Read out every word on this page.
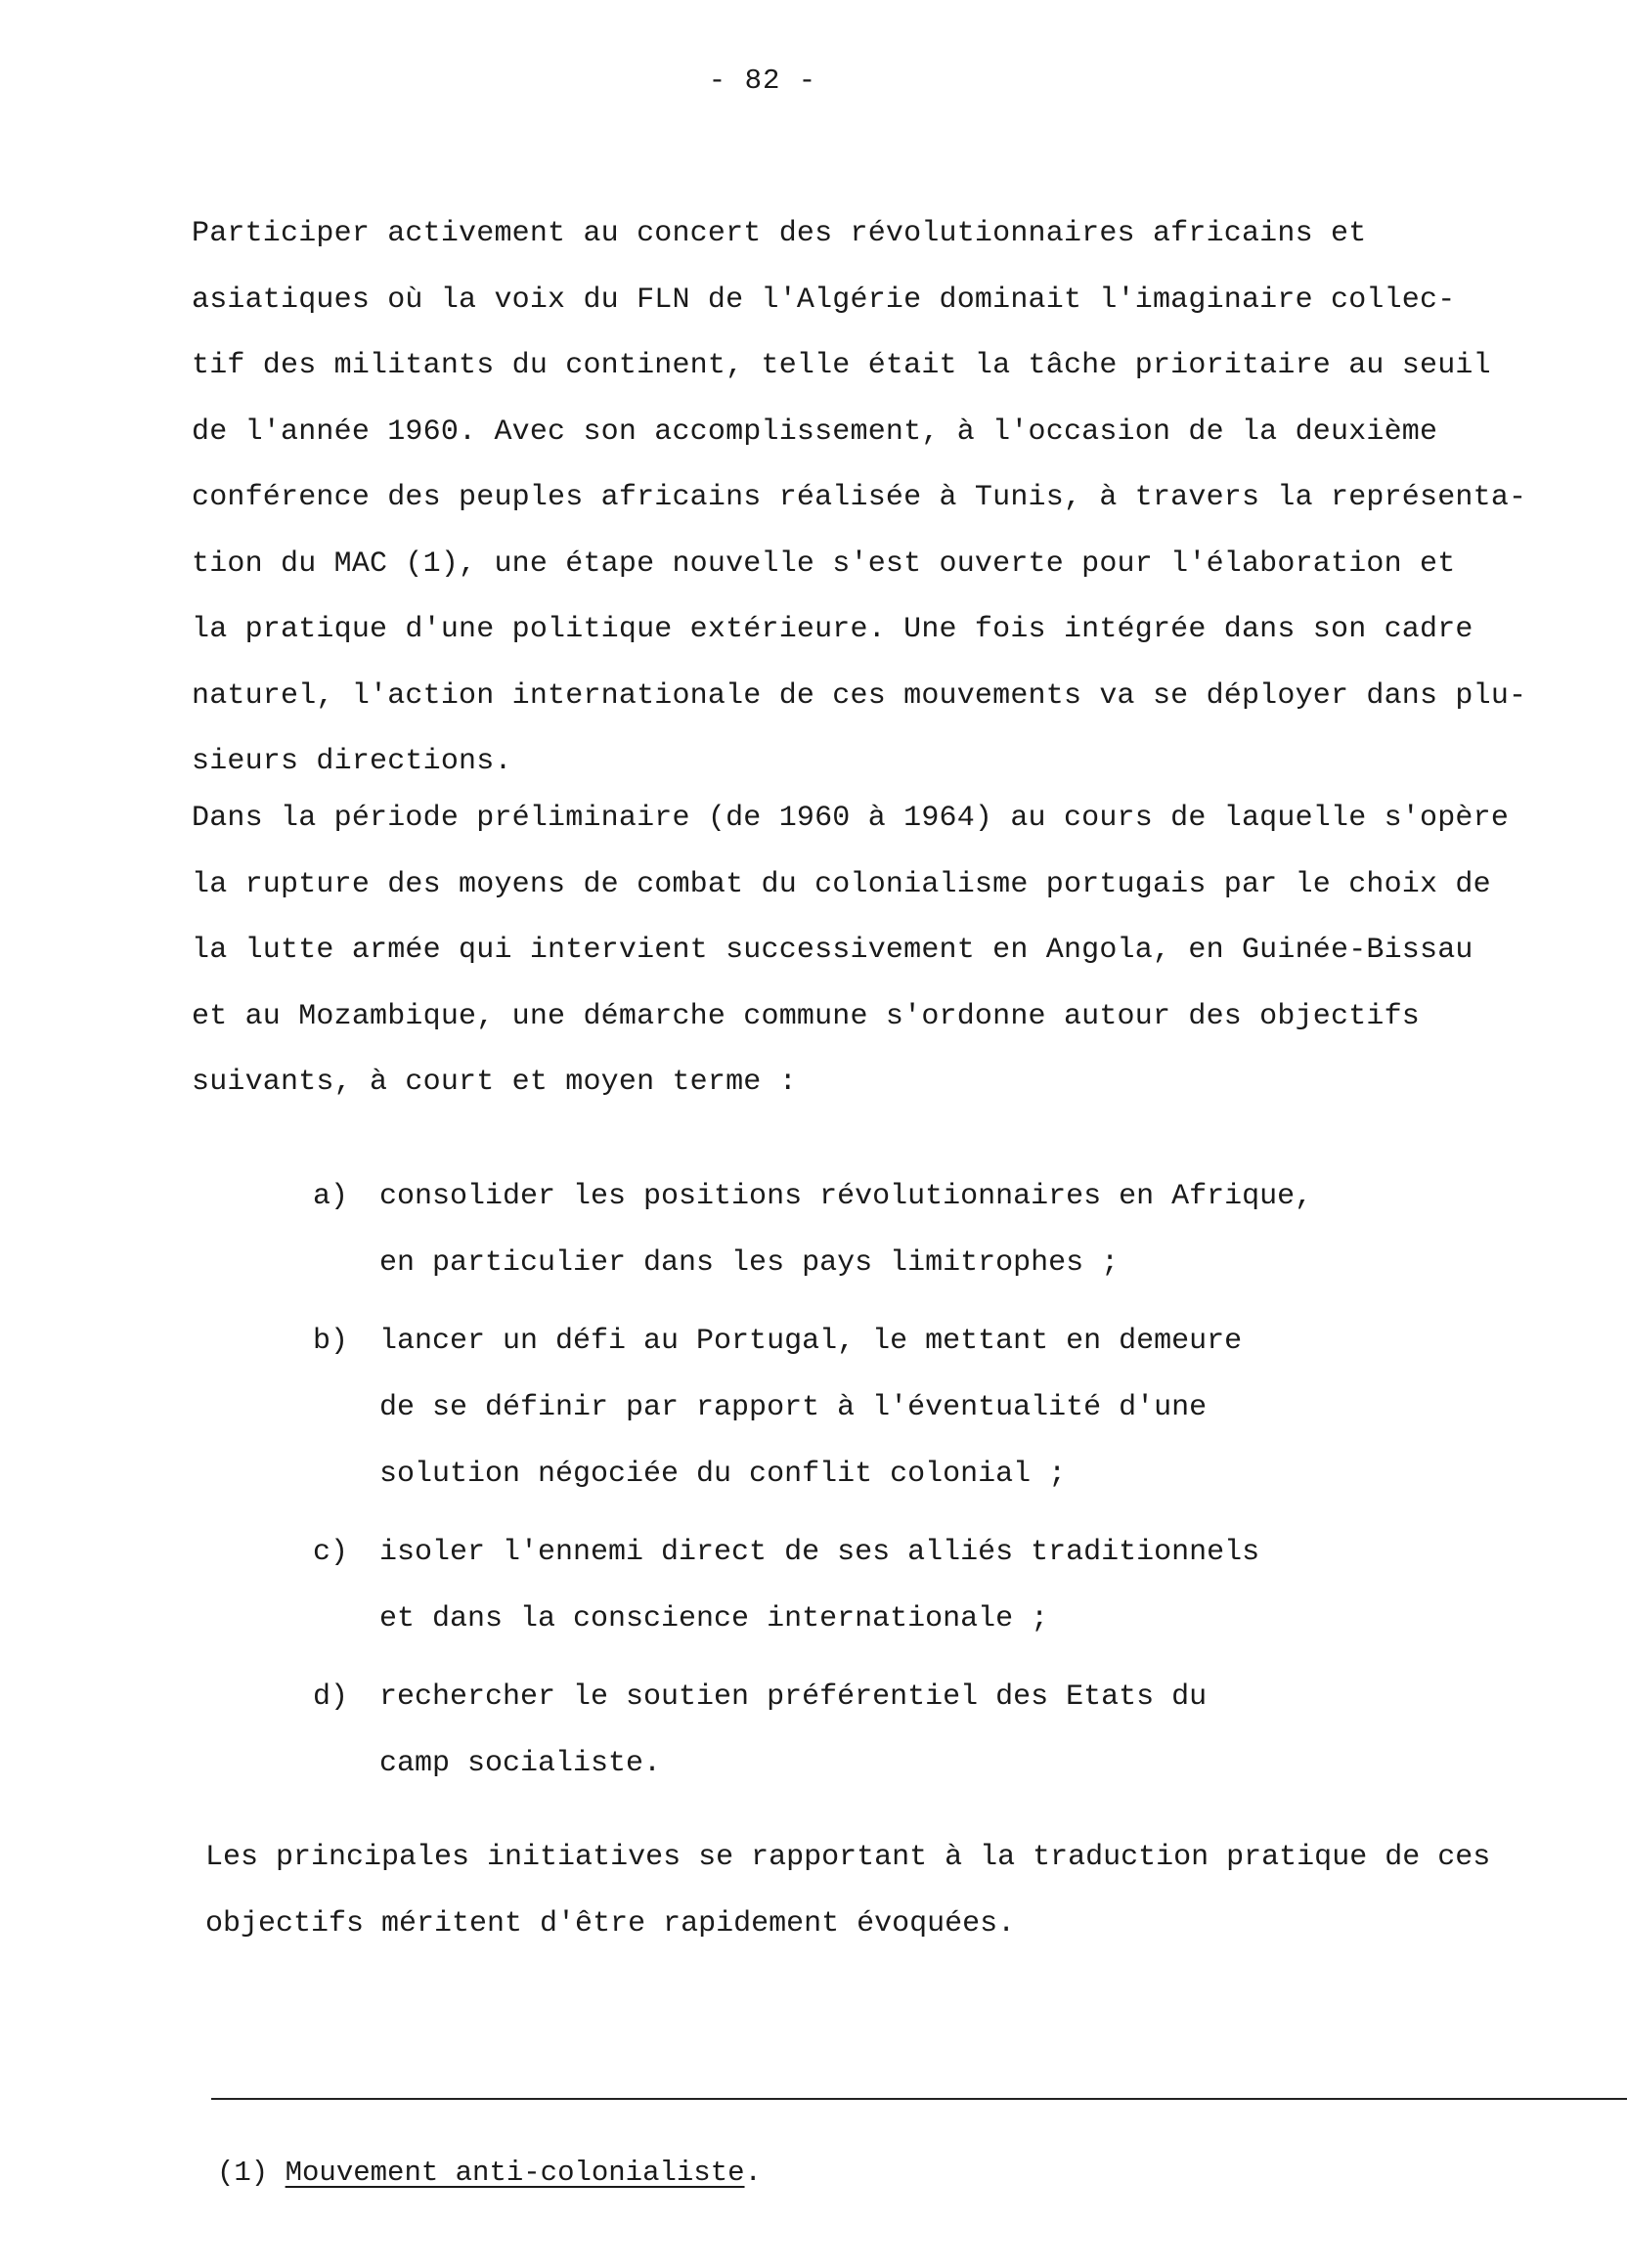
- 82 -
Participer activement au concert des révolutionnaires africains et
asiatiques où la voix du FLN de l'Algérie dominait l'imaginaire collec-
tif des militants du continent, telle était la tâche prioritaire au seuil
de l'année 1960. Avec son accomplissement, à l'occasion de la deuxième
conférence des peuples africains réalisée à Tunis, à travers la représenta-
tion du MAC (1), une étape nouvelle s'est ouverte pour l'élaboration et
la pratique d'une politique extérieure. Une fois intégrée dans son cadre
naturel, l'action internationale de ces mouvements va se déployer dans plu-
sieurs directions.
Dans la période préliminaire (de 1960 à 1964) au cours de laquelle s'opère
la rupture des moyens de combat du colonialisme portugais par le choix de
la lutte armée qui intervient successivement en Angola, en Guinée-Bissau
et au Mozambique, une démarche commune s'ordonne autour des objectifs
suivants, à court et moyen terme :
a)	consolider les positions révolutionnaires en Afrique,
en particulier dans les pays limitrophes ;
b)	lancer un défi au Portugal, le mettant en demeure
de se définir par rapport à l'éventualité d'une
solution négociée du conflit colonial ;
c)	isoler l'ennemi direct de ses alliés traditionnels
et dans la conscience internationale ;
d)	rechercher le soutien préférentiel des Etats du
camp socialiste.
Les principales initiatives se rapportant à la traduction pratique de ces
objectifs méritent d'être rapidement évoquées.
(1) Mouvement anti-colonialiste.
